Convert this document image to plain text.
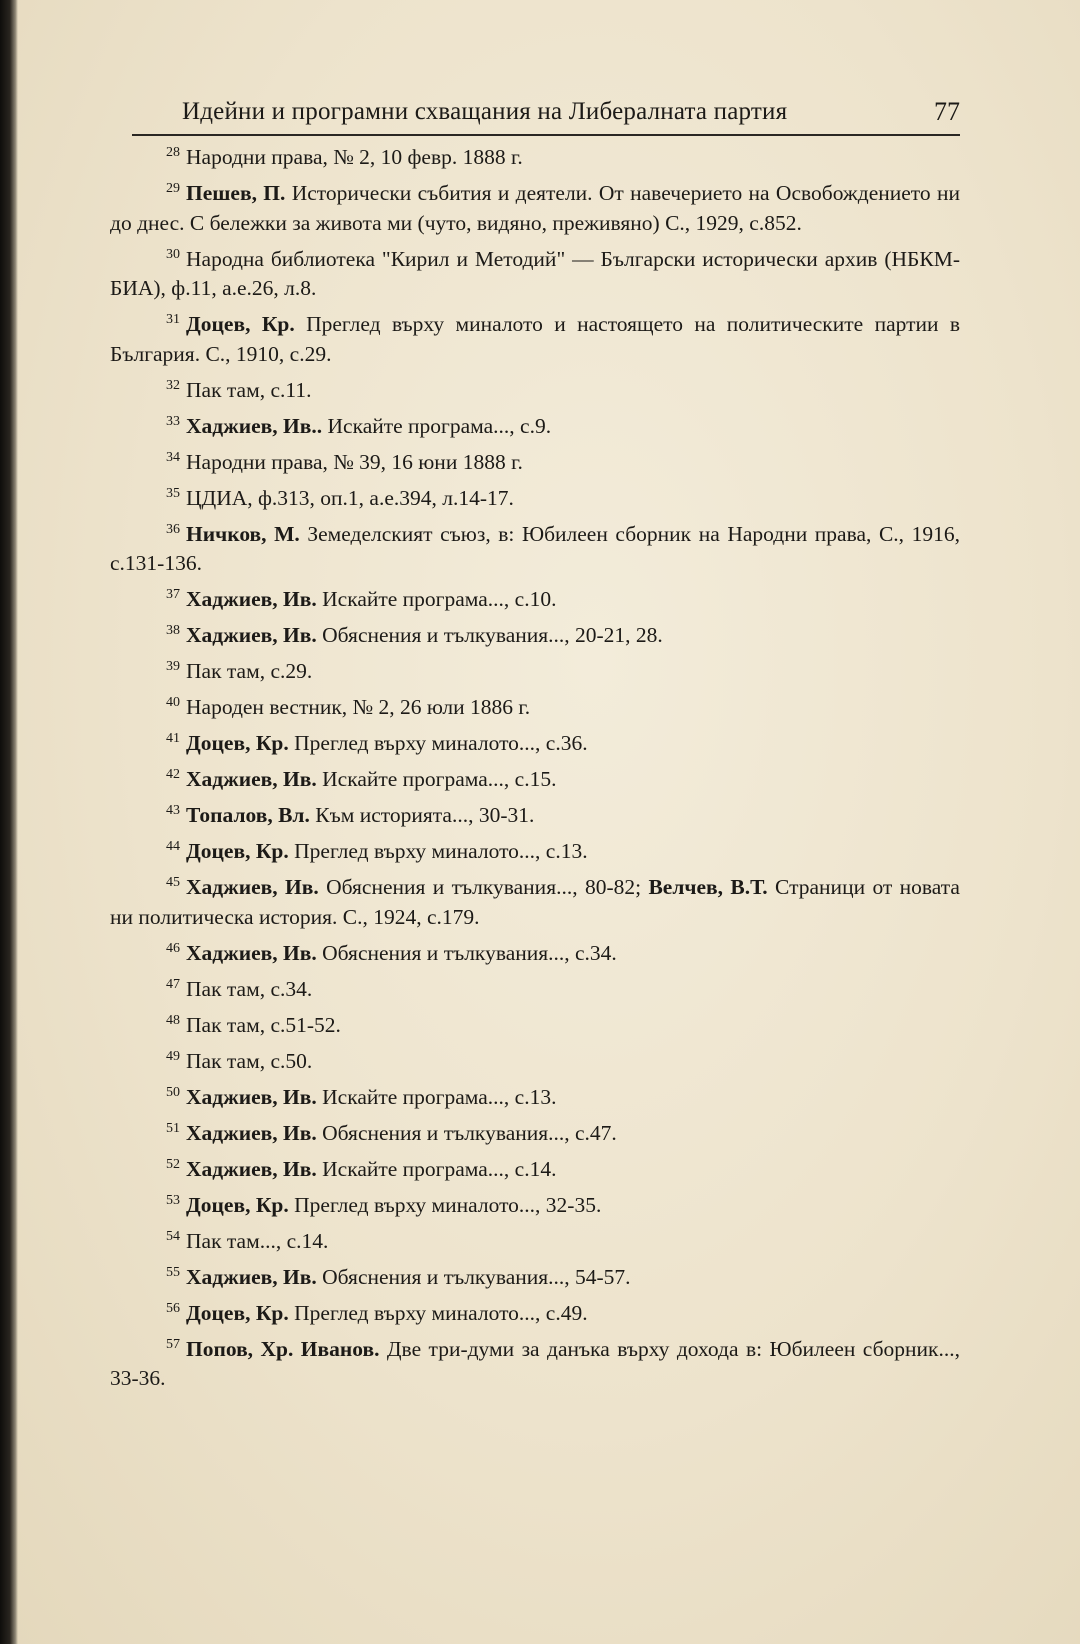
Идейни и програмни схващания на Либералната партия	77

$^{28}$ Народни права, № 2, 10 февр. 1888 г.

$^{29}$ Пешев, П. Исторически събития и деятели. От навечерието на Освобождението ни до днес. С бележки за живота ми (чуто, видяно, преживяно) С., 1929, с.852.

$^{30}$ Народна библиотека "Кирил и Методий" — Български исторически архив (НБКМ-БИА), ф.11, а.е.26, л.8.

$^{31}$ Доцев, Кр. Преглед върху миналото и настоящето на политическите партии в България. С., 1910, с.29.

$^{32}$ Пак там, с.11.

$^{33}$ Хаджиев, Ив.. Искайте програма..., с.9.

$^{34}$ Народни права, № 39, 16 юни 1888 г.

$^{35}$ ЦДИА, ф.313, оп.1, а.е.394, л.14-17.

$^{36}$ Ничков, М. Земеделският съюз, в: Юбилеен сборник на Народни права, С., 1916, с.131-136.

$^{37}$ Хаджиев, Ив. Искайте програма..., с.10.

$^{38}$ Хаджиев, Ив. Обяснения и тълкувания..., 20-21, 28.

$^{39}$ Пак там, с.29.

$^{40}$ Народен вестник, № 2, 26 юли 1886 г.

$^{41}$ Доцев, Кр. Преглед върху миналото..., с.36.

$^{42}$ Хаджиев, Ив. Искайте програма..., с.15.

$^{43}$ Топалов, Вл. Към историята..., 30-31.

$^{44}$ Доцев, Кр. Преглед върху миналото..., с.13.

$^{45}$ Хаджиев, Ив. Обяснения и тълкувания..., 80-82; Велчев, В.Т. Страници от новата ни политическа история. С., 1924, с.179.

$^{46}$ Хаджиев, Ив. Обяснения и тълкувания..., с.34.

$^{47}$ Пак там, с.34.

$^{48}$ Пак там, с.51-52.

$^{49}$ Пак там, с.50.

$^{50}$ Хаджиев, Ив. Искайте програма..., с.13.

$^{51}$ Хаджиев, Ив. Обяснения и тълкувания..., с.47.

$^{52}$ Хаджиев, Ив. Искайте програма..., с.14.

$^{53}$ Доцев, Кр. Преглед върху миналото..., 32-35.

$^{54}$ Пак там..., с.14.

$^{55}$ Хаджиев, Ив. Обяснения и тълкувания..., 54-57.

$^{56}$ Доцев, Кр. Преглед върху миналото..., с.49.

$^{57}$ Попов, Хр. Иванов. Две три-думи за данъка върху дохода в: Юбилеен сборник..., 33-36.
